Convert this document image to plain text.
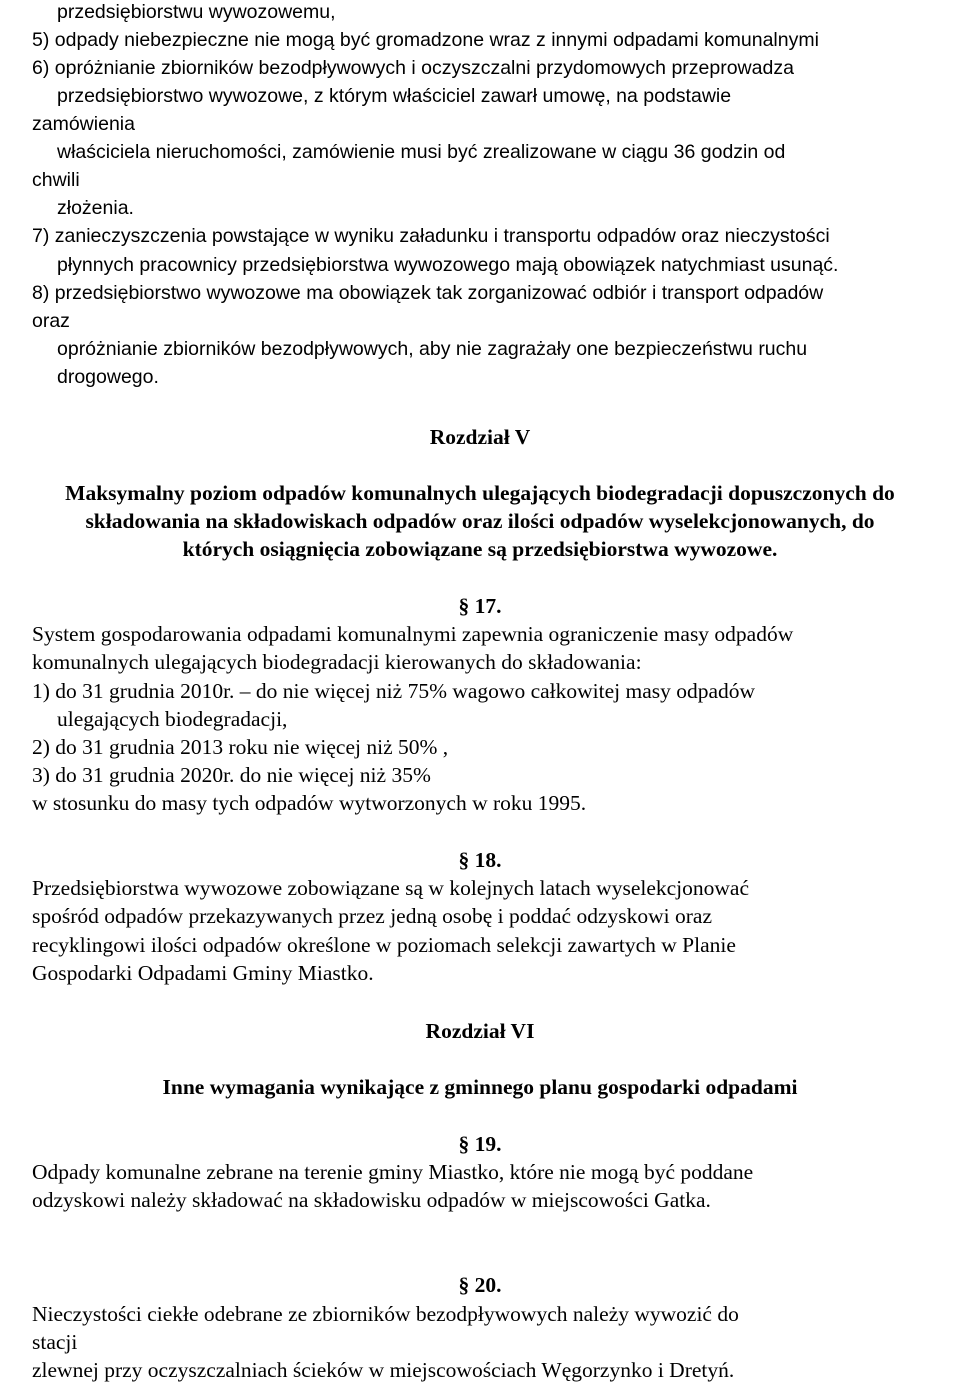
przedsiębiorstwu wywozowemu,
5) odpady niebezpieczne nie mogą być gromadzone wraz z innymi odpadami komunalnymi
6) opróżnianie zbiorników bezodpływowych i oczyszczalni przydomowych przeprowadza
przedsiębiorstwo wywozowe, z którym właściciel zawarł umowę, na podstawie
zamówienia
właściciela nieruchomości, zamówienie musi być zrealizowane w ciągu 36 godzin od
chwili
złożenia.
7) zanieczyszczenia powstające w wyniku załadunku i transportu odpadów oraz nieczystości
płynnych pracownicy przedsiębiorstwa wywozowego mają obowiązek natychmiast usunąć.
8) przedsiębiorstwo wywozowe ma obowiązek tak zorganizować odbiór i transport odpadów
oraz
opróżnianie zbiorników bezodpływowych, aby nie zagrażały one bezpieczeństwu ruchu
drogowego.
Rozdział V
Maksymalny poziom odpadów komunalnych ulegających biodegradacji dopuszczonych do
składowania na składowiskach odpadów oraz ilości odpadów wyselekcjonowanych, do
których osiągnięcia zobowiązane są przedsiębiorstwa wywozowe.
§ 17.
System gospodarowania odpadami komunalnymi zapewnia ograniczenie masy odpadów
komunalnych ulegających biodegradacji kierowanych do składowania:
1) do 31 grudnia 2010r. – do nie więcej niż 75% wagowo całkowitej masy odpadów
ulegających biodegradacji,
2) do 31 grudnia 2013 roku nie więcej niż 50% ,
3) do 31 grudnia 2020r. do nie więcej niż 35%
w stosunku do masy tych odpadów wytworzonych w roku 1995.
§ 18.
Przedsiębiorstwa wywozowe zobowiązane są w kolejnych latach wyselekcjonować
spośród odpadów przekazywanych przez jedną osobę i poddać odzyskowi oraz
recyklingowi ilości odpadów określone w poziomach selekcji zawartych w Planie
Gospodarki Odpadami Gminy Miastko.
Rozdział VI
Inne wymagania wynikające z gminnego planu gospodarki odpadami
§ 19.
Odpady komunalne zebrane na terenie gminy Miastko, które nie mogą być poddane
odzyskowi należy składować na składowisku odpadów w miejscowości Gatka.
§ 20.
Nieczystości ciekłe odebrane ze zbiorników bezodpływowych należy wywozić do
stacji
zlewnej przy oczyszczalniach ścieków w miejscowościach Węgorzynko i Dretyń.
